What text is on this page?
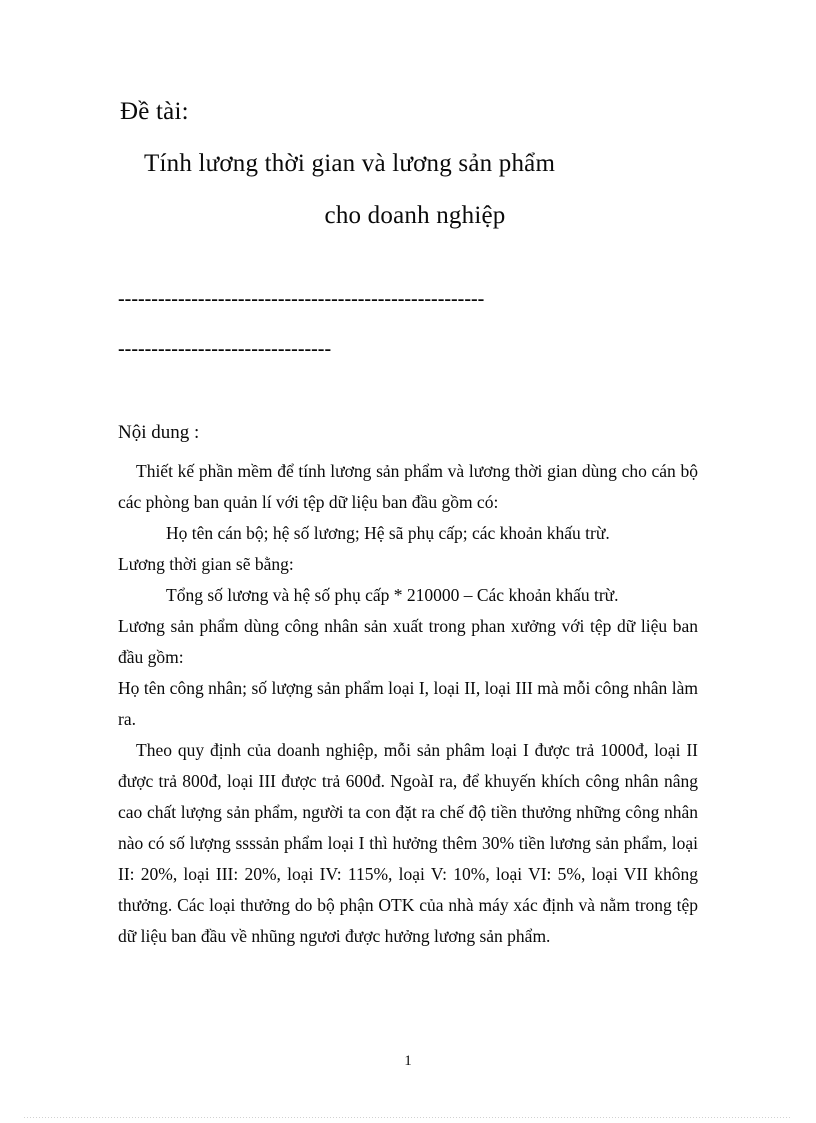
Đề tài:
Tính lương thời gian và lương sản phẩm
cho doanh nghiệp
-------------------------------------------------------
--------------------------------
Nội dung :

Thiết kế phần mềm để tính lương sản phẩm và lương thời gian dùng cho cán bộ các phòng ban quản lí với tệp dữ liệu ban đầu gồm có:

Họ tên cán bộ; hệ số lương; Hệ sã phụ cấp; các khoản khấu trừ.

Lương thời gian sẽ bằng:

Tổng số lương và hệ số phụ cấp * 210000 – Các khoản khấu trừ.

Lương sản phẩm dùng công nhân sản xuất trong phan xưởng với tệp dữ liệu ban đầu gồm:

Họ tên công nhân; số lượng sản phẩm loại I, loại II, loại III mà mỗi công nhân làm ra.

Theo quy định của doanh nghiệp, mỗi sản phâm loại I được trả 1000đ, loại II được trả 800đ, loại III được trả 600đ. NgoàI ra, để khuyến khích công nhân nâng cao chất lượng sản phẩm, người ta con đặt ra chế độ tiền thưởng những công nhân nào có số lượng ssssản phẩm loại I thì hưởng thêm 30% tiền lương sản phẩm, loại II: 20%, loại III: 20%, loại IV: 115%, loại V: 10%, loại VI: 5%, loại VII không thưởng. Các loại thưởng do bộ phận OTK của nhà máy xác định và nằm trong tệp dữ liệu ban đầu về nhũng ngươi được hưởng lương sản phẩm.

1
